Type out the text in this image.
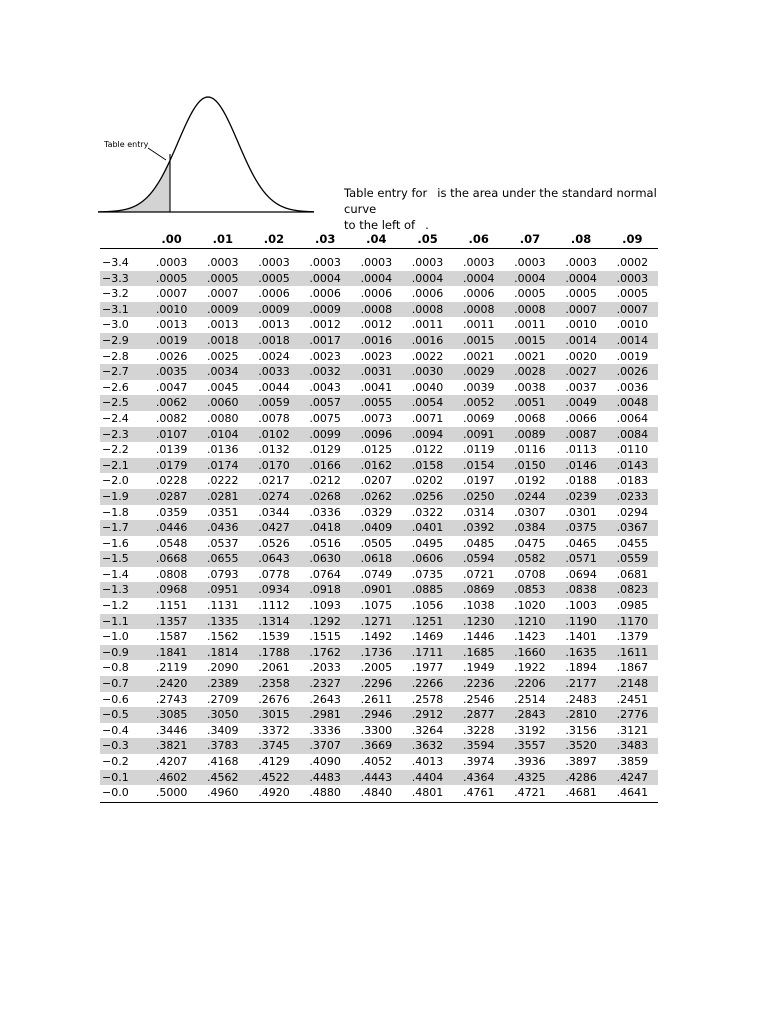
Table entry
Table entry for is the area under the standard normal curve
to the left of .
	.00	.01	.02	.03	.04	.05	.06	.07	.08	.09

−3.4	.0003	.0003	.0003	.0003	.0003	.0003	.0003	.0003	.0003	.0002
−3.3	.0005	.0005	.0005	.0004	.0004	.0004	.0004	.0004	.0004	.0003
−3.2	.0007	.0007	.0006	.0006	.0006	.0006	.0006	.0005	.0005	.0005
−3.1	.0010	.0009	.0009	.0009	.0008	.0008	.0008	.0008	.0007	.0007
−3.0	.0013	.0013	.0013	.0012	.0012	.0011	.0011	.0011	.0010	.0010
−2.9	.0019	.0018	.0018	.0017	.0016	.0016	.0015	.0015	.0014	.0014
−2.8	.0026	.0025	.0024	.0023	.0023	.0022	.0021	.0021	.0020	.0019
−2.7	.0035	.0034	.0033	.0032	.0031	.0030	.0029	.0028	.0027	.0026
−2.6	.0047	.0045	.0044	.0043	.0041	.0040	.0039	.0038	.0037	.0036
−2.5	.0062	.0060	.0059	.0057	.0055	.0054	.0052	.0051	.0049	.0048
−2.4	.0082	.0080	.0078	.0075	.0073	.0071	.0069	.0068	.0066	.0064
−2.3	.0107	.0104	.0102	.0099	.0096	.0094	.0091	.0089	.0087	.0084
−2.2	.0139	.0136	.0132	.0129	.0125	.0122	.0119	.0116	.0113	.0110
−2.1	.0179	.0174	.0170	.0166	.0162	.0158	.0154	.0150	.0146	.0143
−2.0	.0228	.0222	.0217	.0212	.0207	.0202	.0197	.0192	.0188	.0183
−1.9	.0287	.0281	.0274	.0268	.0262	.0256	.0250	.0244	.0239	.0233
−1.8	.0359	.0351	.0344	.0336	.0329	.0322	.0314	.0307	.0301	.0294
−1.7	.0446	.0436	.0427	.0418	.0409	.0401	.0392	.0384	.0375	.0367
−1.6	.0548	.0537	.0526	.0516	.0505	.0495	.0485	.0475	.0465	.0455
−1.5	.0668	.0655	.0643	.0630	.0618	.0606	.0594	.0582	.0571	.0559
−1.4	.0808	.0793	.0778	.0764	.0749	.0735	.0721	.0708	.0694	.0681
−1.3	.0968	.0951	.0934	.0918	.0901	.0885	.0869	.0853	.0838	.0823
−1.2	.1151	.1131	.1112	.1093	.1075	.1056	.1038	.1020	.1003	.0985
−1.1	.1357	.1335	.1314	.1292	.1271	.1251	.1230	.1210	.1190	.1170
−1.0	.1587	.1562	.1539	.1515	.1492	.1469	.1446	.1423	.1401	.1379
−0.9	.1841	.1814	.1788	.1762	.1736	.1711	.1685	.1660	.1635	.1611
−0.8	.2119	.2090	.2061	.2033	.2005	.1977	.1949	.1922	.1894	.1867
−0.7	.2420	.2389	.2358	.2327	.2296	.2266	.2236	.2206	.2177	.2148
−0.6	.2743	.2709	.2676	.2643	.2611	.2578	.2546	.2514	.2483	.2451
−0.5	.3085	.3050	.3015	.2981	.2946	.2912	.2877	.2843	.2810	.2776
−0.4	.3446	.3409	.3372	.3336	.3300	.3264	.3228	.3192	.3156	.3121
−0.3	.3821	.3783	.3745	.3707	.3669	.3632	.3594	.3557	.3520	.3483
−0.2	.4207	.4168	.4129	.4090	.4052	.4013	.3974	.3936	.3897	.3859
−0.1	.4602	.4562	.4522	.4483	.4443	.4404	.4364	.4325	.4286	.4247
−0.0	.5000	.4960	.4920	.4880	.4840	.4801	.4761	.4721	.4681	.4641
